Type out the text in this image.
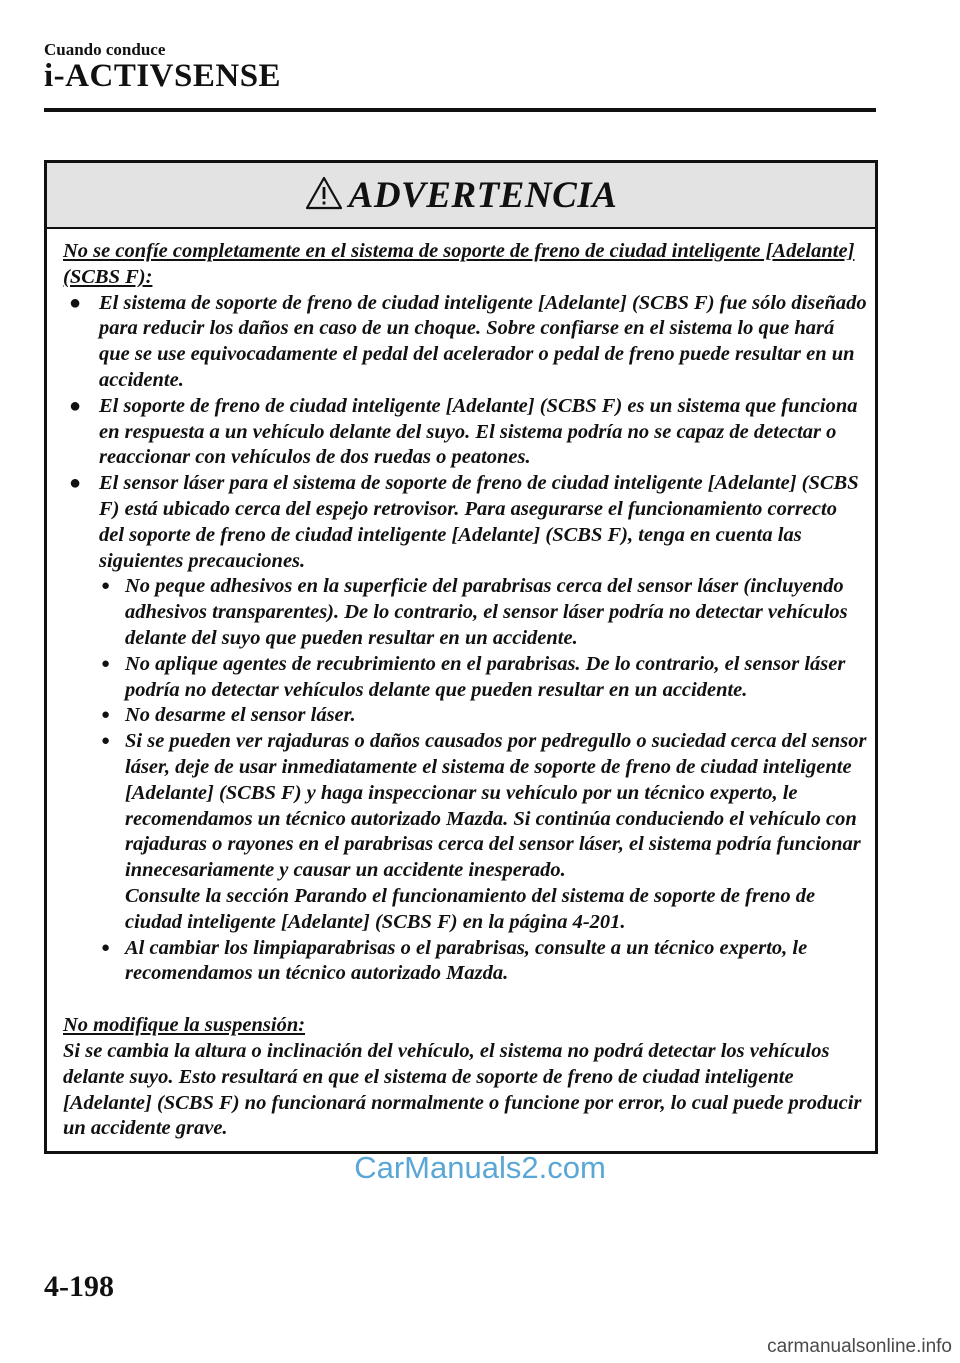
Cuando conduce
i-ACTIVSENSE
ADVERTENCIA
No se confíe completamente en el sistema de soporte de freno de ciudad inteligente [Adelante] (SCBS F):
● El sistema de soporte de freno de ciudad inteligente [Adelante] (SCBS F) fue sólo diseñado para reducir los daños en caso de un choque. Sobre confiarse en el sistema lo que hará que se use equivocadamente el pedal del acelerador o pedal de freno puede resultar en un accidente.
● El soporte de freno de ciudad inteligente [Adelante] (SCBS F) es un sistema que funciona en respuesta a un vehículo delante del suyo. El sistema podría no se capaz de detectar o reaccionar con vehículos de dos ruedas o peatones.
● El sensor láser para el sistema de soporte de freno de ciudad inteligente [Adelante] (SCBS F) está ubicado cerca del espejo retrovisor. Para asegurarse el funcionamiento correcto del soporte de freno de ciudad inteligente [Adelante] (SCBS F), tenga en cuenta las siguientes precauciones.
● No peque adhesivos en la superficie del parabrisas cerca del sensor láser (incluyendo adhesivos transparentes). De lo contrario, el sensor láser podría no detectar vehículos delante del suyo que pueden resultar en un accidente.
● No aplique agentes de recubrimiento en el parabrisas. De lo contrario, el sensor láser podría no detectar vehículos delante que pueden resultar en un accidente.
● No desarme el sensor láser.
● Si se pueden ver rajaduras o daños causados por pedregullo o suciedad cerca del sensor láser, deje de usar inmediatamente el sistema de soporte de freno de ciudad inteligente [Adelante] (SCBS F) y haga inspeccionar su vehículo por un técnico experto, le recomendamos un técnico autorizado Mazda. Si continúa conduciendo el vehículo con rajaduras o rayones en el parabrisas cerca del sensor láser, el sistema podría funcionar innecesariamente y causar un accidente inesperado.
Consulte la sección Parando el funcionamiento del sistema de soporte de freno de ciudad inteligente [Adelante] (SCBS F) en la página 4-201.
● Al cambiar los limpiaparabrisas o el parabrisas, consulte a un técnico experto, le recomendamos un técnico autorizado Mazda.
No modifique la suspensión:
Si se cambia la altura o inclinación del vehículo, el sistema no podrá detectar los vehículos delante suyo. Esto resultará en que el sistema de soporte de freno de ciudad inteligente [Adelante] (SCBS F) no funcionará normalmente o funcione por error, lo cual puede producir un accidente grave.
CarManuals2.com
4-198
carmanualsonline.info
